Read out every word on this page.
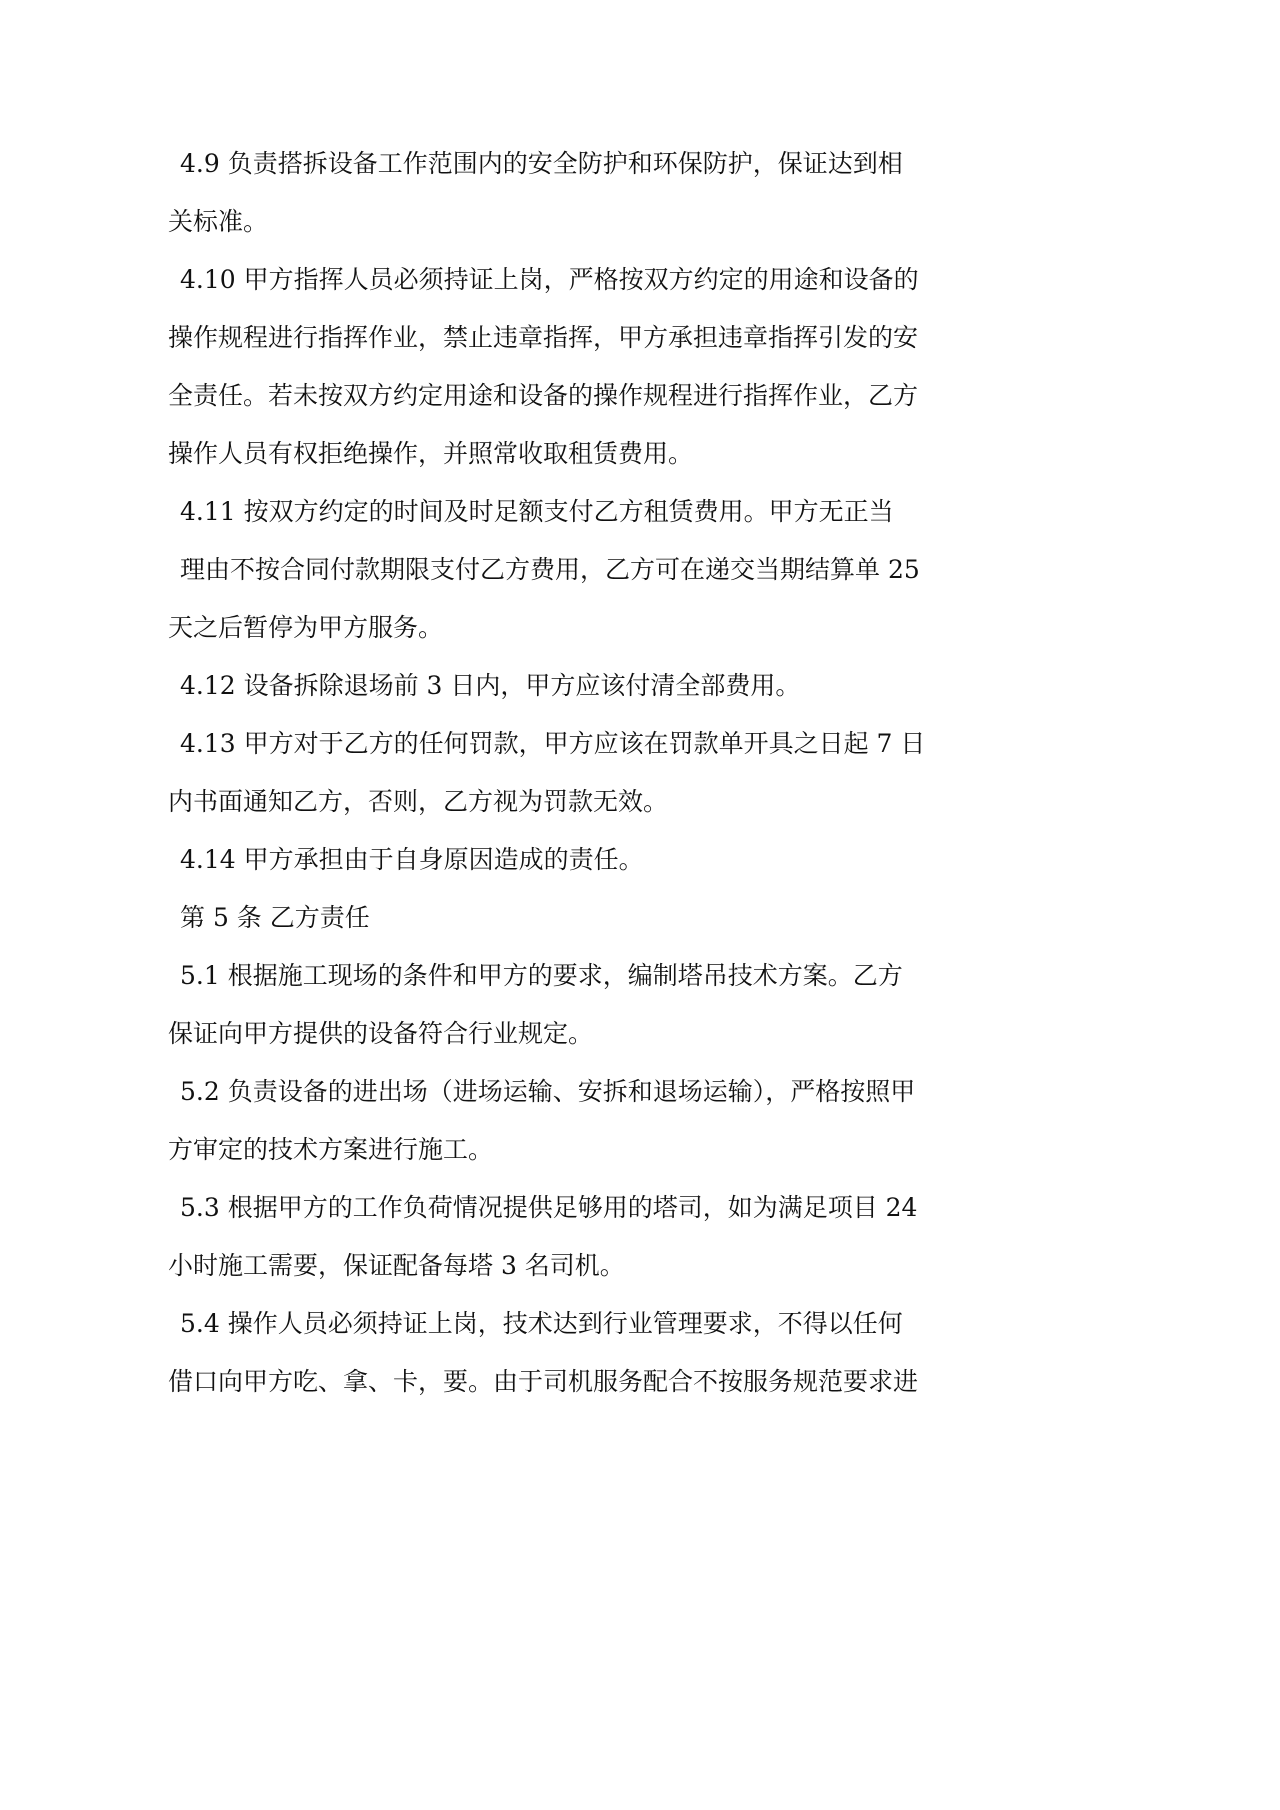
4.9 负责搭拆设备工作范围内的安全防护和环保防护，保证达到相

关标准。

4.10 甲方指挥人员必须持证上岗，严格按双方约定的用途和设备的

操作规程进行指挥作业，禁止违章指挥，甲方承担违章指挥引发的安

全责任。若未按双方约定用途和设备的操作规程进行指挥作业，乙方

操作人员有权拒绝操作，并照常收取租赁费用。

4.11 按双方约定的时间及时足额支付乙方租赁费用。甲方无正当

理由不按合同付款期限支付乙方费用，乙方可在递交当期结算单 25

天之后暂停为甲方服务。

4.12 设备拆除退场前 3 日内，甲方应该付清全部费用。

4.13 甲方对于乙方的任何罚款，甲方应该在罚款单开具之日起 7 日

内书面通知乙方，否则，乙方视为罚款无效。

4.14 甲方承担由于自身原因造成的责任。

第 5 条 乙方责任

5.1 根据施工现场的条件和甲方的要求，编制塔吊技术方案。乙方

保证向甲方提供的设备符合行业规定。

5.2 负责设备的进出场（进场运输、安拆和退场运输），严格按照甲

方审定的技术方案进行施工。

5.3 根据甲方的工作负荷情况提供足够用的塔司，如为满足项目 24

小时施工需要，保证配备每塔 3 名司机。

5.4 操作人员必须持证上岗，技术达到行业管理要求，不得以任何

借口向甲方吃、拿、卡，要。由于司机服务配合不按服务规范要求进
